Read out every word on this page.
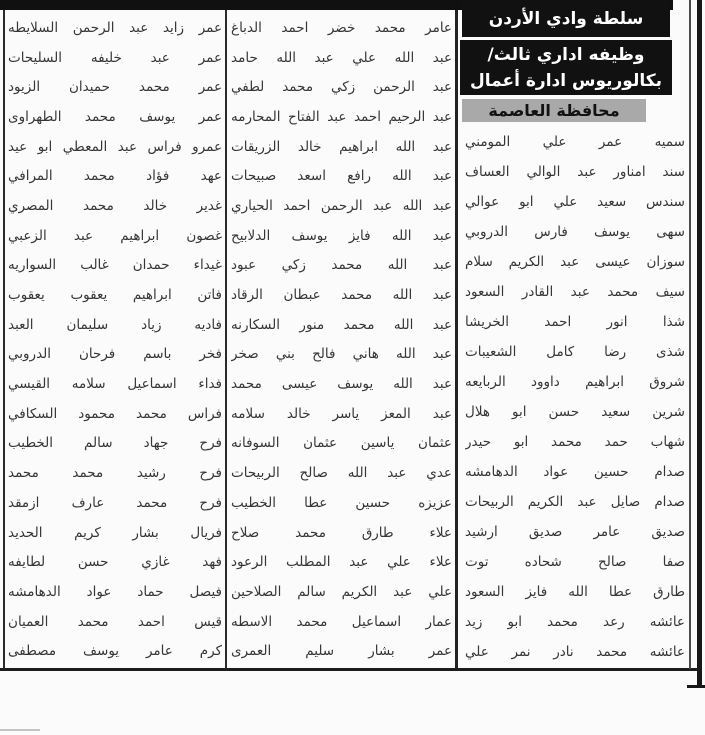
سلطة وادي الأردن
وظيفه اداري ثالث/
بكالوريوس ادارة أعمال
محافظة العاصمة
سميه
عمر
علي
المومني
سند
امناور
عبد
الوالي
العساف
سندس
سعيد
علي
ابو
عوالي
سهى
يوسف
فارس
الدروبي
سوزان
عيسى
عبد
الكريم
سلام
سيف
محمد
عبد
القادر
السعود
شذا
انور
احمد
الخريشا
شذى
رضا
كامل
الشعيبات
شروق
ابراهيم
داوود
الربايعه
شرين
سعيد
حسن
ابو
هلال
شهاب
حمد
محمد
ابو
حيدر
صدام
حسين
عواد
الدهامشه
صدام
صايل
عبد
الكريم
الربيحات
صديق
عامر
صديق
ارشيد
صفا
صالح
شحاده
توت
طارق
عطا
الله
فايز
السعود
عائشه
رعد
محمد
ابو
زيد
عائشه
محمد
نادر
نمر
علي
عامر
محمد
خضر
احمد
الدباغ
عبد
الله
علي
عبد
الله
حامد
عبد
الرحمن
زكي
محمد
لطفي
عبد
الرحيم
احمد
عبد
الفتاح
المحارمه
عبد
الله
ابراهيم
خالد
الزريقات
عبد
الله
رافع
اسعد
صبيحات
عبد
الله
عبد
الرحمن
احمد
الحياري
عبد
الله
فايز
يوسف
الدلابيح
عبد
الله
محمد
زكي
عبود
عبد
الله
محمد
عبطان
الرقاد
عبد
الله
محمد
منور
السكارنه
عبد
الله
هاني
فالح
بني
صخر
عبد
الله
يوسف
عيسى
محمد
عبد
المعز
ياسر
خالد
سلامه
عثمان
ياسين
عثمان
السوفانه
عدي
عبد
الله
صالح
الربيحات
عزيزه
حسين
عطا
الخطيب
علاء
طارق
محمد
صلاح
علاء
علي
عبد
المطلب
الرعود
علي
عبد
الكريم
سالم
الصلاحين
عمار
اسماعيل
محمد
الاسطه
عمر
بشار
سليم
العمرى
عمر
زايد
عبد
الرحمن
السلايطه
عمر
عبد
خليفه
السليحات
عمر
محمد
حميدان
الزيود
عمر
يوسف
محمد
الطهراوى
عمرو
فراس
عبد
المعطي
ابو
عيد
عهد
فؤاد
محمد
المرافي
غدير
خالد
محمد
المصري
غصون
ابراهيم
عبد
الزعبي
غيداء
حمدان
غالب
السواريه
فاتن
ابراهيم
يعقوب
يعقوب
فاديه
زياد
سليمان
العبد
فخر
باسم
فرحان
الدروبي
فداء
اسماعيل
سلامه
القيسي
فراس
محمد
محمود
السكافي
فرح
جهاد
سالم
الخطيب
فرح
رشيد
محمد
محمد
فرح
محمد
عارف
ازمقد
فريال
بشار
كريم
الحديد
فهد
غازي
حسن
لطايفه
فيصل
حماد
عواد
الدهامشه
قيس
احمد
محمد
العميان
كرم
عامر
يوسف
مصطفى
